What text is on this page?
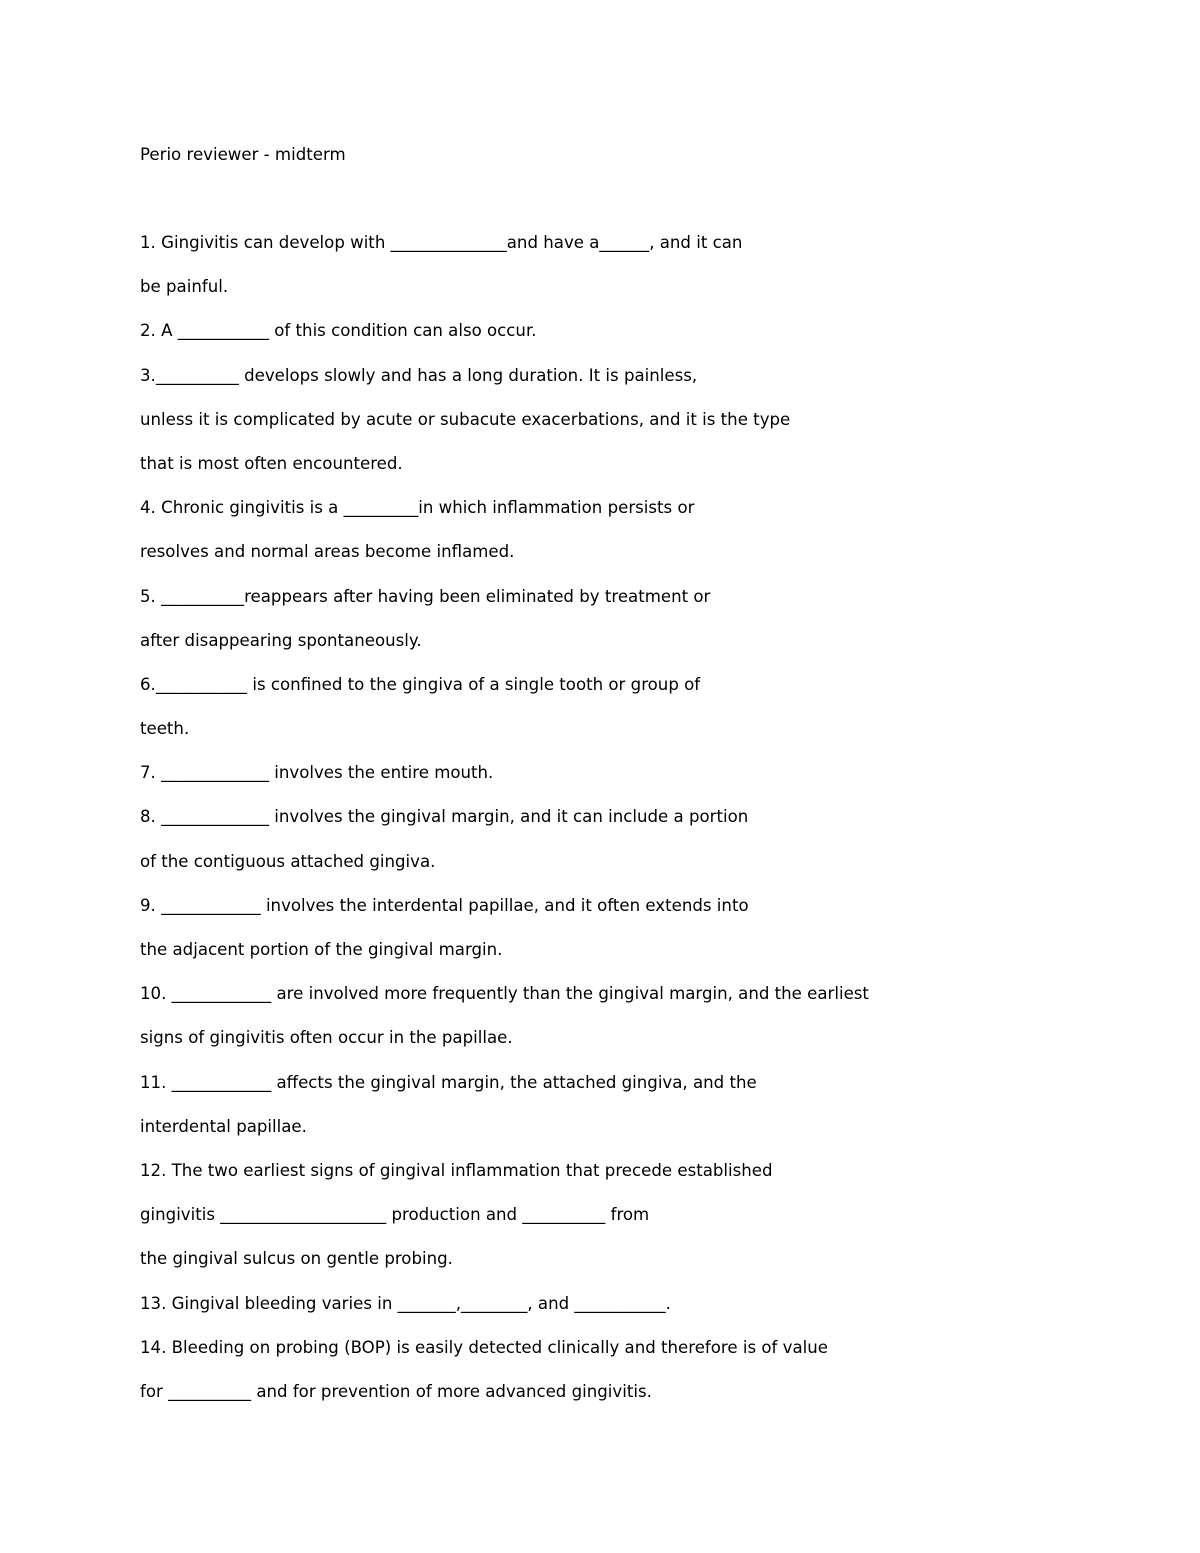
Perio reviewer - midterm
1. Gingivitis can develop with ______________and have a______, and it can
be painful.
2. A ___________ of this condition can also occur.
3.__________ develops slowly and has a long duration. It is painless,
unless it is complicated by acute or subacute exacerbations, and it is the type
that is most often encountered.
4. Chronic gingivitis is a _________in which inflammation persists or
resolves and normal areas become inflamed.
5. __________reappears after having been eliminated by treatment or
after disappearing spontaneously.
6.___________ is confined to the gingiva of a single tooth or group of
teeth.
7. _____________ involves the entire mouth.
8. _____________ involves the gingival margin, and it can include a portion
of the contiguous attached gingiva.
9. ____________ involves the interdental papillae, and it often extends into
the adjacent portion of the gingival margin.
10. ____________ are involved more frequently than the gingival margin, and the earliest
signs of gingivitis often occur in the papillae.
11. ____________ affects the gingival margin, the attached gingiva, and the
interdental papillae.
12. The two earliest signs of gingival inflammation that precede established
gingivitis ____________________ production and __________ from
the gingival sulcus on gentle probing.
13. Gingival bleeding varies in _______,________, and ___________.
14. Bleeding on probing (BOP) is easily detected clinically and therefore is of value
for __________ and for prevention of more advanced gingivitis.
